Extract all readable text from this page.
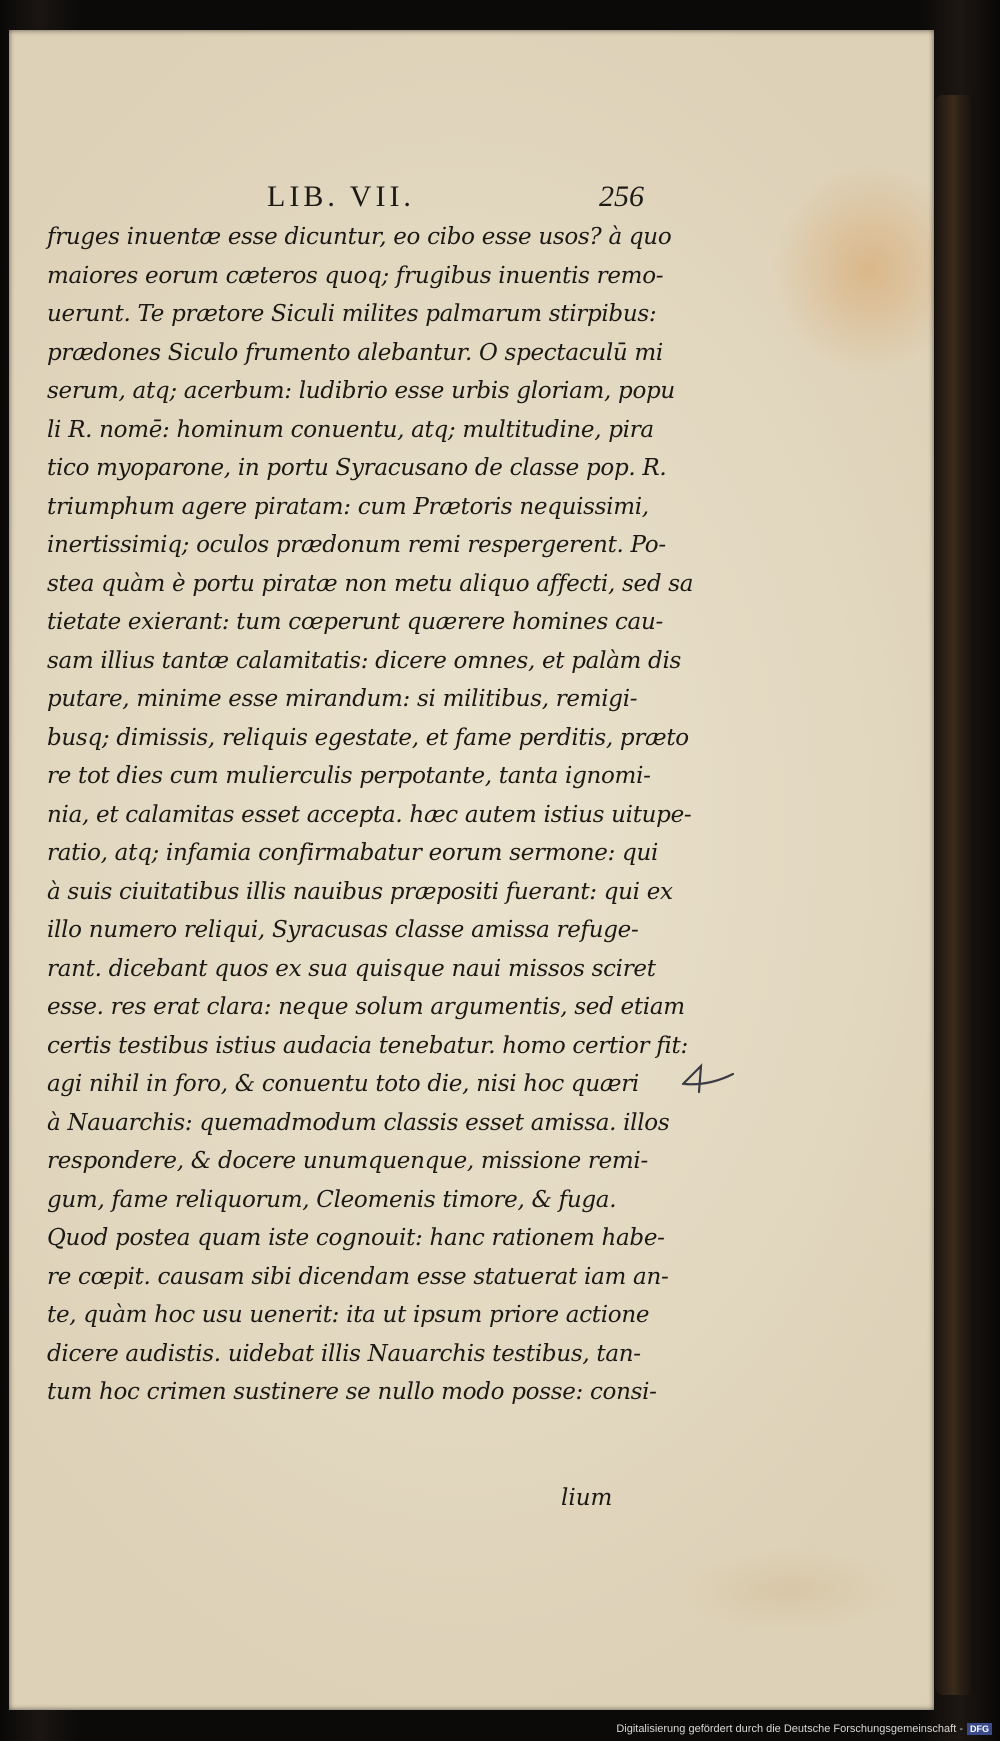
LIB. VII.	256
fruges inuentæ esse dicuntur, eo cibo esse usos? à quo
maiores eorum cæteros quoq; frugibus inuentis remo-
uerunt. Te prætore Siculi milites palmarum stirpibus:
prædones Siculo frumento alebantur. O spectaculū mi
serum, atq; acerbum: ludibrio esse urbis gloriam, popu
li R. nomē: hominum conuentu, atq; multitudine, pira
tico myoparone, in portu Syracusano de classe pop. R.
triumphum agere piratam: cum Prætoris nequissimi,
inertissimiq; oculos prædonum remi respergerent. Po-
stea quàm è portu piratæ non metu aliquo affecti, sed sa
tietate exierant: tum cœperunt quærere homines cau-
sam illius tantæ calamitatis: dicere omnes, et palàm dis
putare, minime esse mirandum: si militibus, remigi-
busq; dimissis, reliquis egestate, et fame perditis, præto
re tot dies cum mulierculis perpotante, tanta ignomi-
nia, et calamitas esset accepta. hæc autem istius uitupe-
ratio, atq; infamia confirmabatur eorum sermone: qui
à suis ciuitatibus illis nauibus præpositi fuerant: qui ex
illo numero reliqui, Syracusas classe amissa refuge-
rant. dicebant quos ex sua quisque naui missos sciret
esse. res erat clara: neque solum argumentis, sed etiam
certis testibus istius audacia tenebatur. homo certior fit:
agi nihil in foro, & conuentu toto die, nisi hoc quæri
à Nauarchis: quemadmodum classis esset amissa. illos
respondere, & docere unumquenque, missione remi-
gum, fame reliquorum, Cleomenis timore, & fuga.
Quod postea quam iste cognouit: hanc rationem habe-
re cœpit. causam sibi dicendam esse statuerat iam an-
te, quàm hoc usu uenerit: ita ut ipsum priore actione
dicere audistis. uidebat illis Nauarchis testibus, tan-
tum hoc crimen sustinere se nullo modo posse: consi-
lium
Digitalisierung gefördert durch die Deutsche Forschungsgemeinschaft - DFG
